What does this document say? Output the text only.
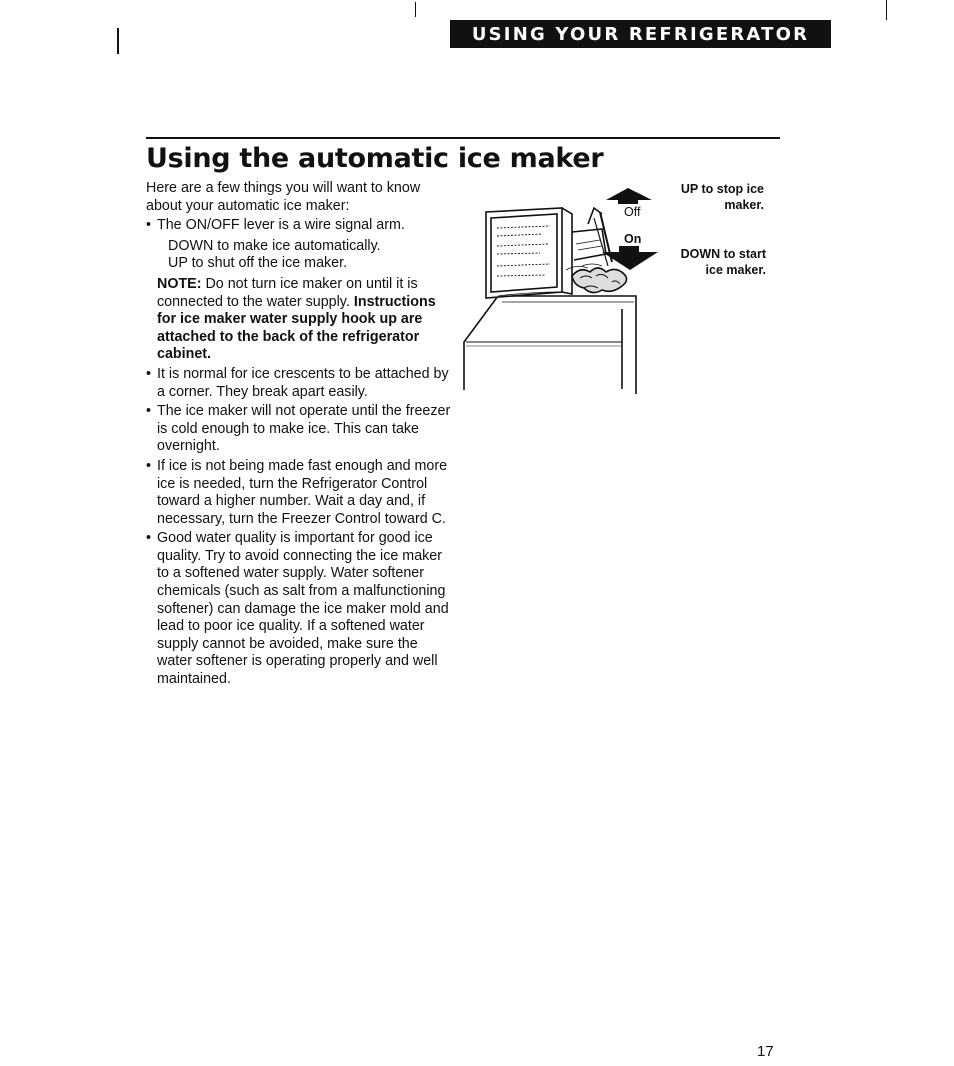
USING YOUR REFRIGERATOR
Using the automatic ice maker

Here are a few things you will want to know about your automatic ice maker:

• The ON/OFF lever is a wire signal arm.

DOWN to make ice automatically.

UP to shut off the ice maker.

NOTE: Do not turn ice maker on until it is connected to the water supply. Instructions for ice maker water supply hook up are attached to the back of the refrigerator cabinet.

• It is normal for ice crescents to be attached by a corner. They break apart easily.

• The ice maker will not operate until the freezer is cold enough to make ice. This can take overnight.

• If ice is not being made fast enough and more ice is needed, turn the Refrigerator Control toward a higher number. Wait a day and, if necessary, turn the Freezer Control toward C.

• Good water quality is important for good ice quality. Try to avoid connecting the ice maker to a softened water supply. Water softener chemicals (such as salt from a malfunctioning softener) can damage the ice maker mold and lead to poor ice quality. If a softened water supply cannot be avoided, make sure the water softener is operating properly and well maintained.

Off
On
UP to stop ice maker.
DOWN to start ice maker.
17
